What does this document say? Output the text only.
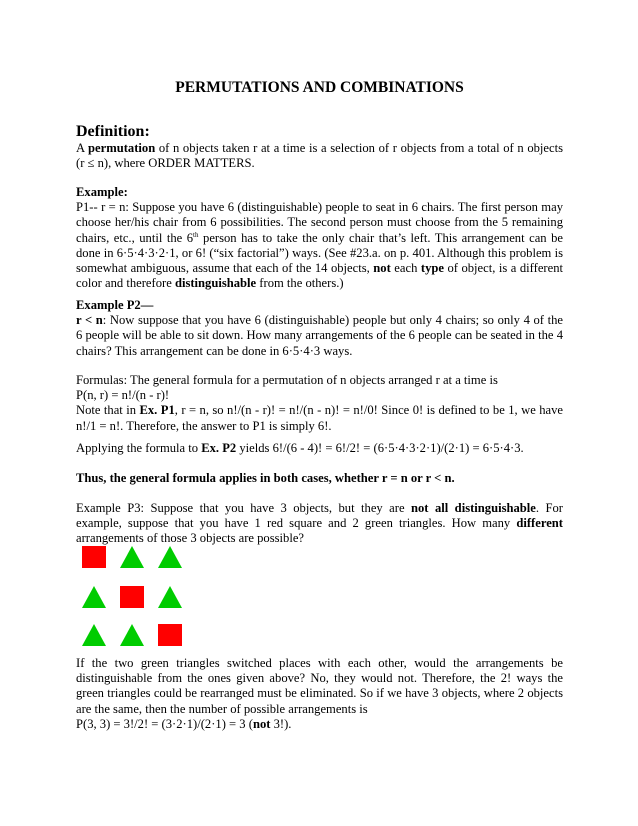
PERMUTATIONS AND COMBINATIONS
Definition:
A permutation of n objects taken r at a time is a selection of r objects from a total of n objects (r ≤ n), where ORDER MATTERS.
Example:
P1-- r = n: Suppose you have 6 (distinguishable) people to seat in 6 chairs. The first person may choose her/his chair from 6 possibilities. The second person must choose from the 5 remaining chairs, etc., until the 6th person has to take the only chair that’s left. This arrangement can be done in 6·5·4·3·2·1, or 6! (“six factorial”) ways. (See #23.a. on p. 401. Although this problem is somewhat ambiguous, assume that each of the 14 objects, not each type of object, is a different color and therefore distinguishable from the others.)
Example P2—
r < n: Now suppose that you have 6 (distinguishable) people but only 4 chairs; so only 4 of the 6 people will be able to sit down. How many arrangements of the 6 people can be seated in the 4 chairs? This arrangement can be done in 6·5·4·3 ways.
Formulas: The general formula for a permutation of n objects arranged r at a time is
P(n, r) = n!/(n - r)!
Note that in Ex. P1, r = n, so n!/(n - r)! = n!/(n - n)! = n!/0! Since 0! is defined to be 1, we have n!/1 = n!. Therefore, the answer to P1 is simply 6!.
Applying the formula to Ex. P2 yields 6!/(6 - 4)! = 6!/2! = (6·5·4·3·2·1)/(2·1) = 6·5·4·3.
Thus, the general formula applies in both cases, whether r = n or r < n.
Example P3: Suppose that you have 3 objects, but they are not all distinguishable. For example, suppose that you have 1 red square and 2 green triangles. How many different arrangements of those 3 objects are possible?
If the two green triangles switched places with each other, would the arrangements be distinguishable from the ones given above? No, they would not. Therefore, the 2! ways the green triangles could be rearranged must be eliminated. So if we have 3 objects, where 2 objects are the same, then the number of possible arrangements is
P(3, 3) = 3!/2! = (3·2·1)/(2·1) = 3 (not 3!).
